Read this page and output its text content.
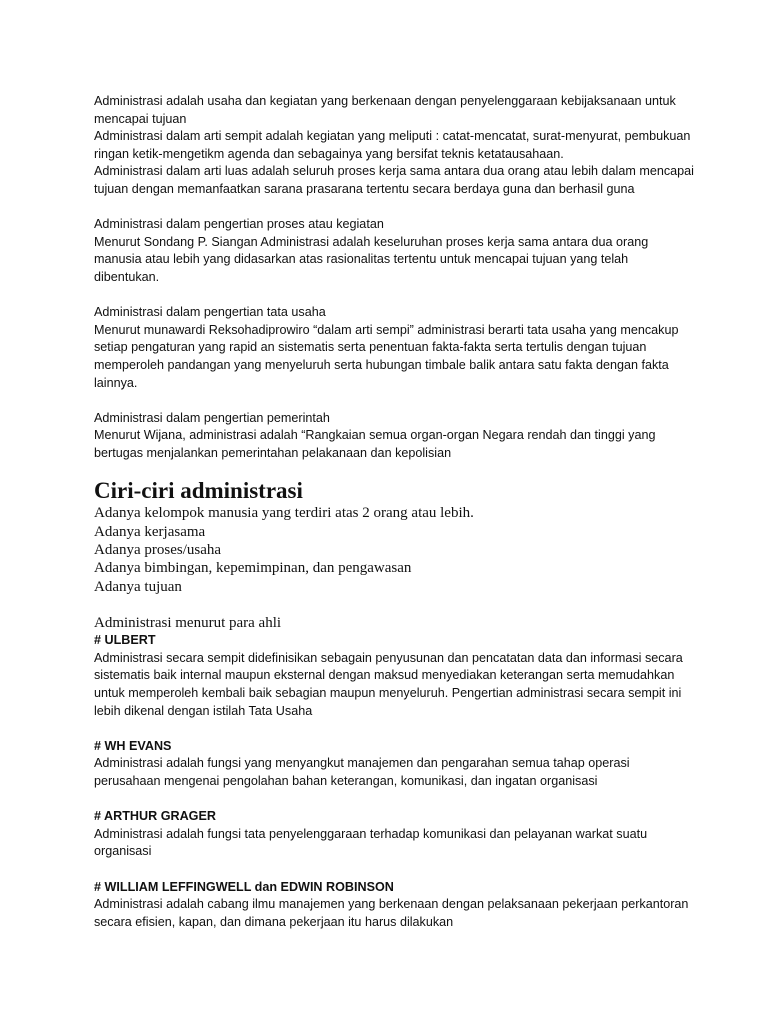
Administrasi adalah usaha dan kegiatan yang berkenaan dengan penyelenggaraan kebijaksanaan untuk mencapai tujuan

Administrasi dalam arti sempit adalah kegiatan yang meliputi : catat-mencatat, surat-menyurat, pembukuan ringan ketik-mengetikm agenda dan sebagainya yang bersifat teknis ketatausahaan.

Administrasi dalam arti luas adalah seluruh proses kerja sama antara dua orang atau lebih dalam mencapai tujuan dengan memanfaatkan sarana prasarana tertentu secara berdaya guna dan berhasil guna

Administrasi dalam pengertian proses atau kegiatan

Menurut Sondang P. Siangan Administrasi adalah keseluruhan proses kerja sama antara dua orang manusia atau lebih yang didasarkan atas rasionalitas tertentu untuk mencapai tujuan yang telah dibentukan.

Administrasi dalam pengertian tata usaha

Menurut munawardi Reksohadiprowiro “dalam arti sempi” administrasi berarti tata usaha yang mencakup setiap pengaturan yang rapid an sistematis serta penentuan fakta-fakta serta tertulis dengan tujuan memperoleh pandangan yang menyeluruh serta hubungan timbale balik antara satu fakta dengan fakta lainnya.

Administrasi dalam pengertian pemerintah

Menurut Wijana, administrasi adalah “Rangkaian semua organ-organ Negara rendah dan tinggi yang bertugas menjalankan pemerintahan pelakanaan dan kepolisian

Ciri-ciri administrasi
Adanya kelompok manusia yang terdiri atas 2 orang atau lebih.
Adanya kerjasama
Adanya proses/usaha
Adanya bimbingan, kepemimpinan, dan pengawasan
Adanya tujuan

Administrasi menurut para ahli

# ULBERT

Administrasi secara sempit didefinisikan sebagain penyusunan dan pencatatan data dan informasi secara sistematis baik internal maupun eksternal dengan maksud menyediakan keterangan serta memudahkan untuk memperoleh kembali baik sebagian maupun menyeluruh. Pengertian administrasi secara sempit ini lebih dikenal dengan istilah Tata Usaha

# WH EVANS

Administrasi adalah fungsi yang menyangkut manajemen dan pengarahan semua tahap operasi perusahaan mengenai pengolahan bahan keterangan, komunikasi, dan ingatan organisasi

# ARTHUR GRAGER

Administrasi adalah fungsi tata penyelenggaraan terhadap komunikasi dan pelayanan warkat suatu organisasi

# WILLIAM LEFFINGWELL dan EDWIN ROBINSON

Administrasi adalah cabang ilmu manajemen yang berkenaan dengan pelaksanaan pekerjaan perkantoran secara efisien, kapan, dan dimana pekerjaan itu harus dilakukan
